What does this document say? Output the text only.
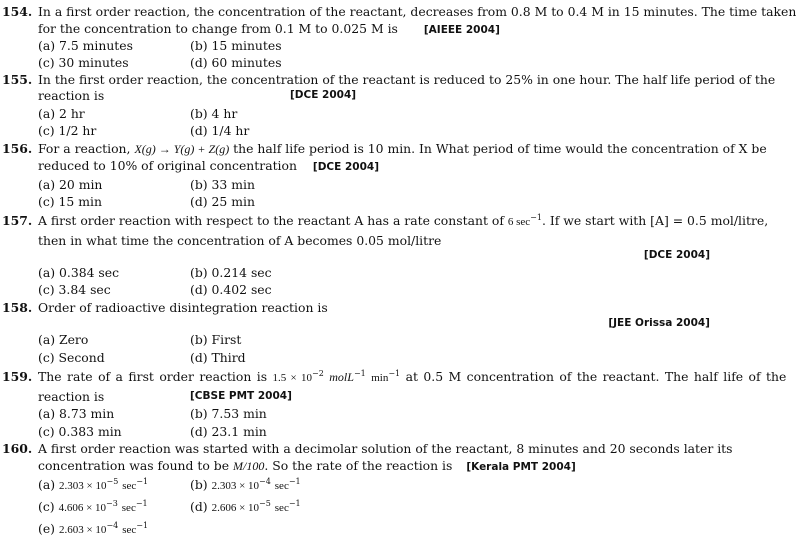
154. In a first order reaction, the concentration of the reactant, decreases from 0.8 M to 0.4 M in 15 minutes. The time taken
for the concentration to change from 0.1 M to 0.025 M is [AIEEE 2004]
(a) 7.5 minutes	(b) 15 minutes
(c) 30 minutes	(d) 60 minutes
155. In the first order reaction, the concentration of the reactant is reduced to 25% in one hour. The half life period of the
reaction is	[DCE 2004]
(a) 2 hr	(b) 4 hr
(c) 1/2 hr	(d) 1/4 hr
156. For a reaction, X(g) → Y(g) + Z(g) the half life period is 10 min. In What period of time would the concentration of X be
reduced to 10% of original concentration [DCE 2004]
(a) 20 min	(b) 33 min
(c) 15 min	(d) 25 min
157. A first order reaction with respect to the reactant A has a rate constant of 6 $\sec^{-1}$. If we start with [A] = 0.5 mol/litre,
then in what time the concentration of A becomes 0.05 mol/litre
[DCE 2004]
(a) 0.384 sec	(b) 0.214 sec
(c) 3.84 sec	(d) 0.402 sec
158. Order of radioactive disintegration reaction is
[JEE Orissa 2004]
(a) Zero	(b) First
(c) Second	(d) Third
159. The rate of a first order reaction is $1.5 \times 10^{-2}$ molL$^{-1}$ $\min^{-1}$ at 0.5 M concentration of the reactant. The half life of the
reaction is	[CBSE PMT 2004]
(a) 8.73 min	(b) 7.53 min
(c) 0.383 min	(d) 23.1 min
160. A first order reaction was started with a decimolar solution of the reactant, 8 minutes and 20 seconds later its
concentration was found to be M/100. So the rate of the reaction is [Kerala PMT 2004]
(a) $2.303 \times 10^{-5}$ $\sec^{-1}$	(b) $2.303 \times 10^{-4}$ $\sec^{-1}$
(c) $4.606 \times 10^{-3}$ $\sec^{-1}$	(d) $2.606 \times 10^{-5}$ $\sec^{-1}$
(e) $2.603 \times 10^{-4}$ $\sec^{-1}$
